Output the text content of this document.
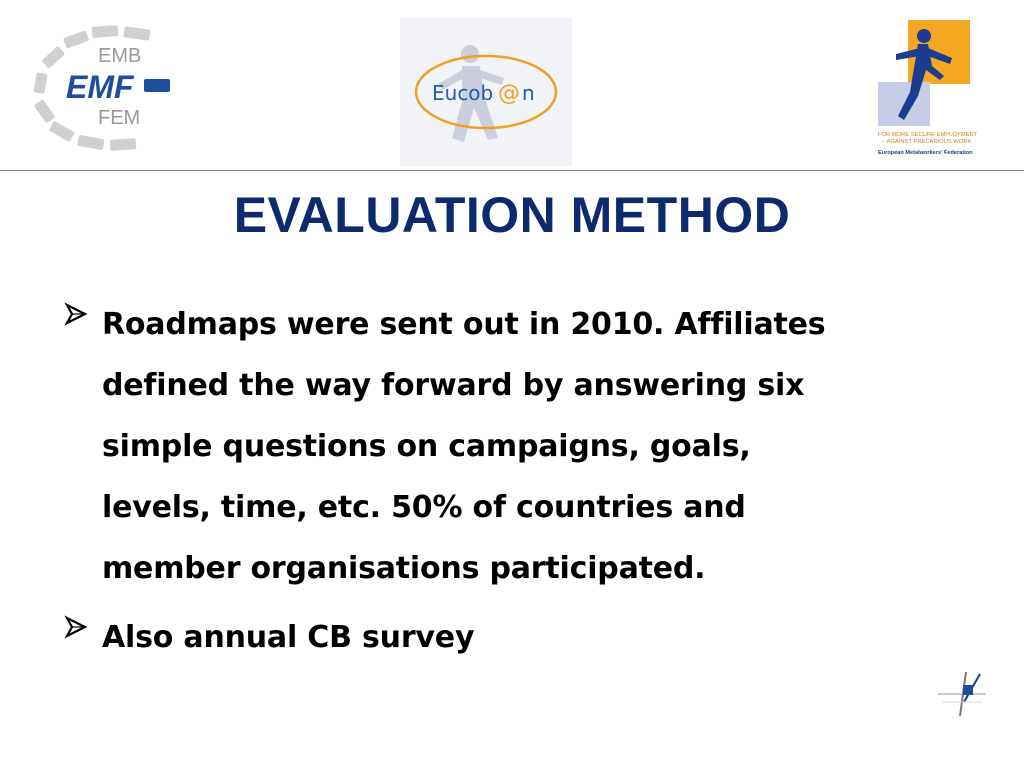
EMB
EMF
FEM
Eucob @ n
FOR MORE SECURE EMPLOYMENT
– AGAINST PRECARIOUS WORK
European Metalworkers' Federation
EVALUATION METHOD
Roadmaps were sent out in 2010. Affiliates
defined the way forward by answering six
simple questions on campaigns, goals,
levels, time, etc. 50% of countries and
member organisations participated.
Also annual CB survey
